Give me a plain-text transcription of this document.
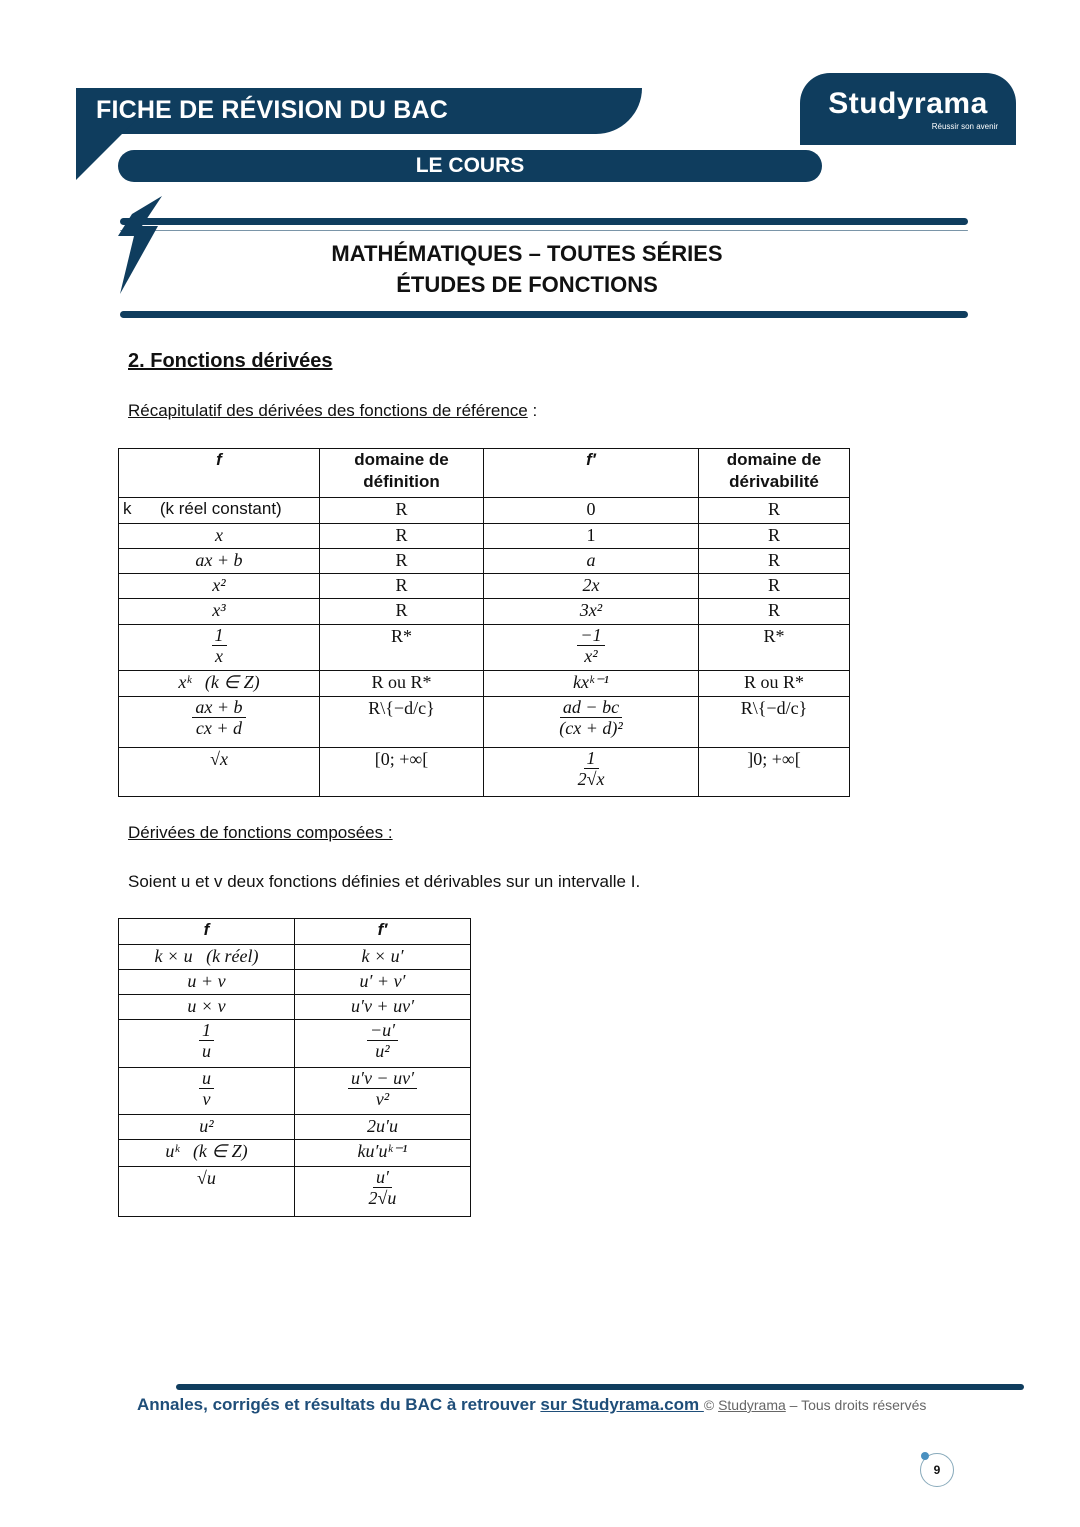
FICHE DE RÉVISION DU BAC
LE COURS
Studyrama
Réussir son avenir
MATHÉMATIQUES – TOUTES SÉRIES
ÉTUDES DE FONCTIONS
2. Fonctions dérivées
Récapitulatif des dérivées des fonctions de référence :
f	domaine de définition	f′	domaine de dérivabilité
k      (k réel constant)	R	0	R
x	R	1	R
ax + b	R	a	R
x²	R	2x	R
x³	R	3x²	R

$\frac{1}{x}$	R*	$\frac{-1}{\text{x²}}$	R*
xᵏ   (k ∈ Z)	R ou R*	kxᵏ⁻¹	R ou R*

$\frac{ax + b}{cx + d}$	R\{−d/c}	$\frac{ad - bc}{\text{(cx + d)²}}$	R\{−d/c}
√x	[0; +∞[	$\frac{1}{2√x}$	]0; +∞[
Dérivées de fonctions composées :
Soient u et v deux fonctions définies et dérivables sur un intervalle I.
f	f′
k × u   (k réel)	k × u′
u + v	u′ + v′
u × v	u′v + uv′

$\frac{1}{u}$	$\frac{-u'}{\text{u²}}$

$\frac{u}{v}$	$\frac{u'v - uv'}{\text{v²}}$

u²	2u′u
uᵏ   (k ∈ Z)	ku′uᵏ⁻¹
√u	$\frac{u'}{2√u}$
Annales, corrigés et résultats du BAC à retrouver sur Studyrama.com © Studyrama – Tous droits réservés
9
